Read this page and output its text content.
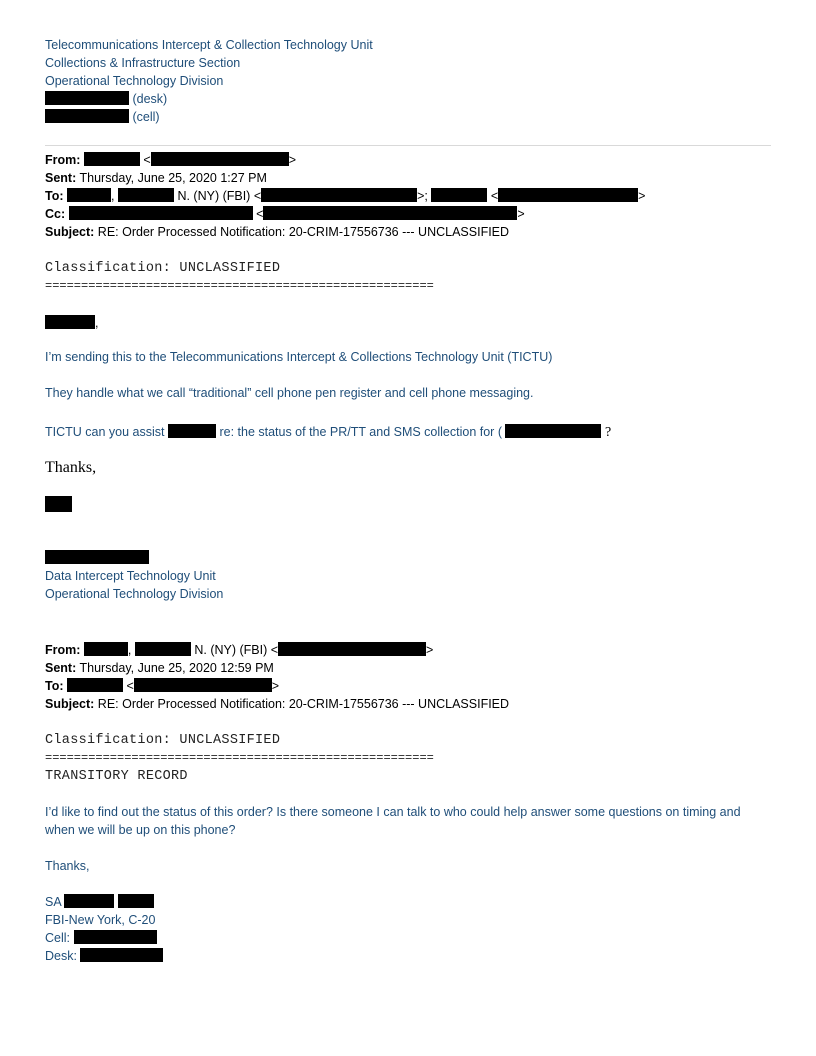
Telecommunications Intercept & Collection Technology Unit
Collections & Infrastructure Section
Operational Technology Division
(desk)
(cell)
From:	<	>
Sent: Thursday, June 25, 2020 1:27 PM
To:	,	N. (NY) (FBI) <	>;	<	>
Cc:	<	>
Subject: RE: Order Processed Notification: 20-CRIM-17556736 --- UNCLASSIFIED
Classification: UNCLASSIFIED
======================================================
,
I’m sending this to the Telecommunications Intercept & Collections Technology Unit (TICTU)
They handle what we call “traditional” cell phone pen register and cell phone messaging.
TICTU can you assist	re: the status of the PR/TT and SMS collection for (	?
Thanks,
Data Intercept Technology Unit
Operational Technology Division
From:	,	N. (NY) (FBI) <	>
Sent: Thursday, June 25, 2020 12:59 PM
To:	<	>
Subject: RE: Order Processed Notification: 20-CRIM-17556736 --- UNCLASSIFIED
Classification: UNCLASSIFIED
======================================================
TRANSITORY RECORD
I’d like to find out the status of this order? Is there someone I can talk to who could help answer some questions on timing and when we will be up on this phone?
Thanks,
SA
FBI-New York, C-20
Cell:
Desk:
